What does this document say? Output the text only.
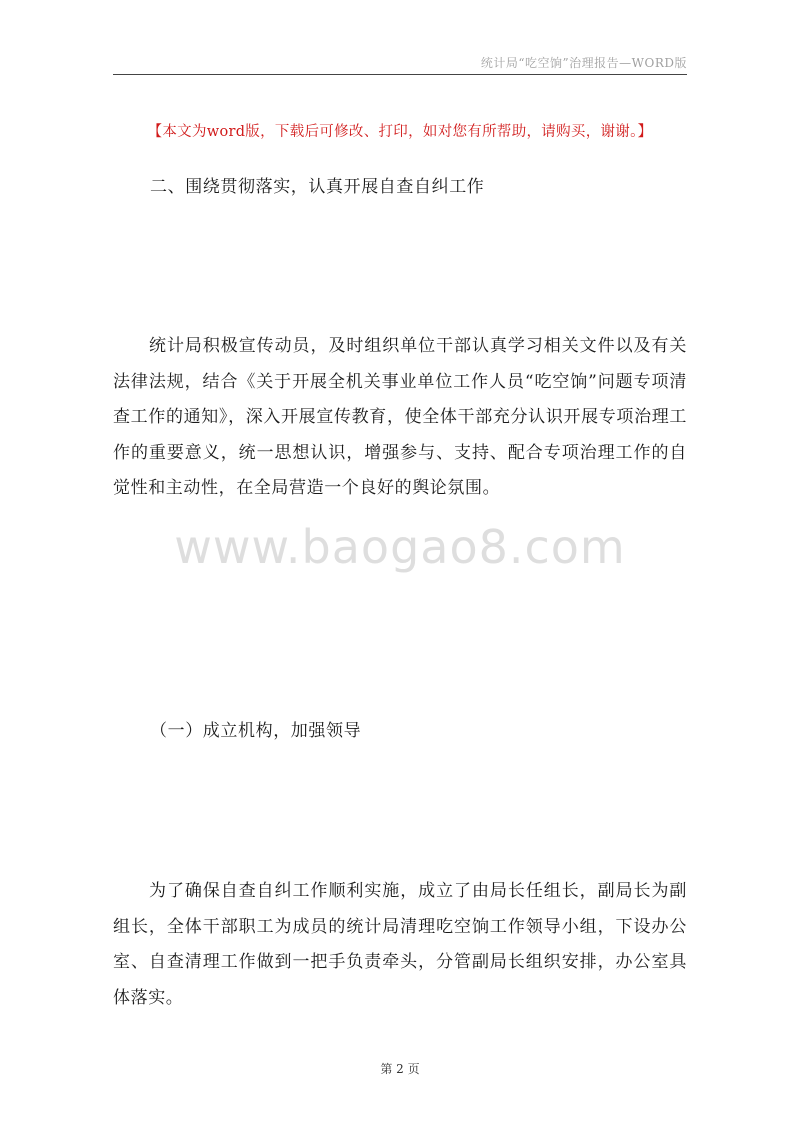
统计局“吃空饷”治理报告—WORD版
【本文为word版，下载后可修改、打印，如对您有所帮助，请购买，谢谢。】
二、围绕贯彻落实，认真开展自查自纠工作

统计局积极宣传动员，及时组织单位干部认真学习相关文件以及有关法律法规，结合《关于开展全机关事业单位工作人员“吃空饷”问题专项清查工作的通知》，深入开展宣传教育，使全体干部充分认识开展专项治理工作的重要意义，统一思想认识，增强参与、支持、配合专项治理工作的自觉性和主动性，在全局营造一个良好的舆论氛围。

www.baogao8.com
（一）成立机构，加强领导

为了确保自查自纠工作顺利实施，成立了由局长任组长，副局长为副组长，全体干部职工为成员的统计局清理吃空饷工作领导小组，下设办公室、自查清理工作做到一把手负责牵头，分管副局长组织安排，办公室具体落实。

第 2 页
